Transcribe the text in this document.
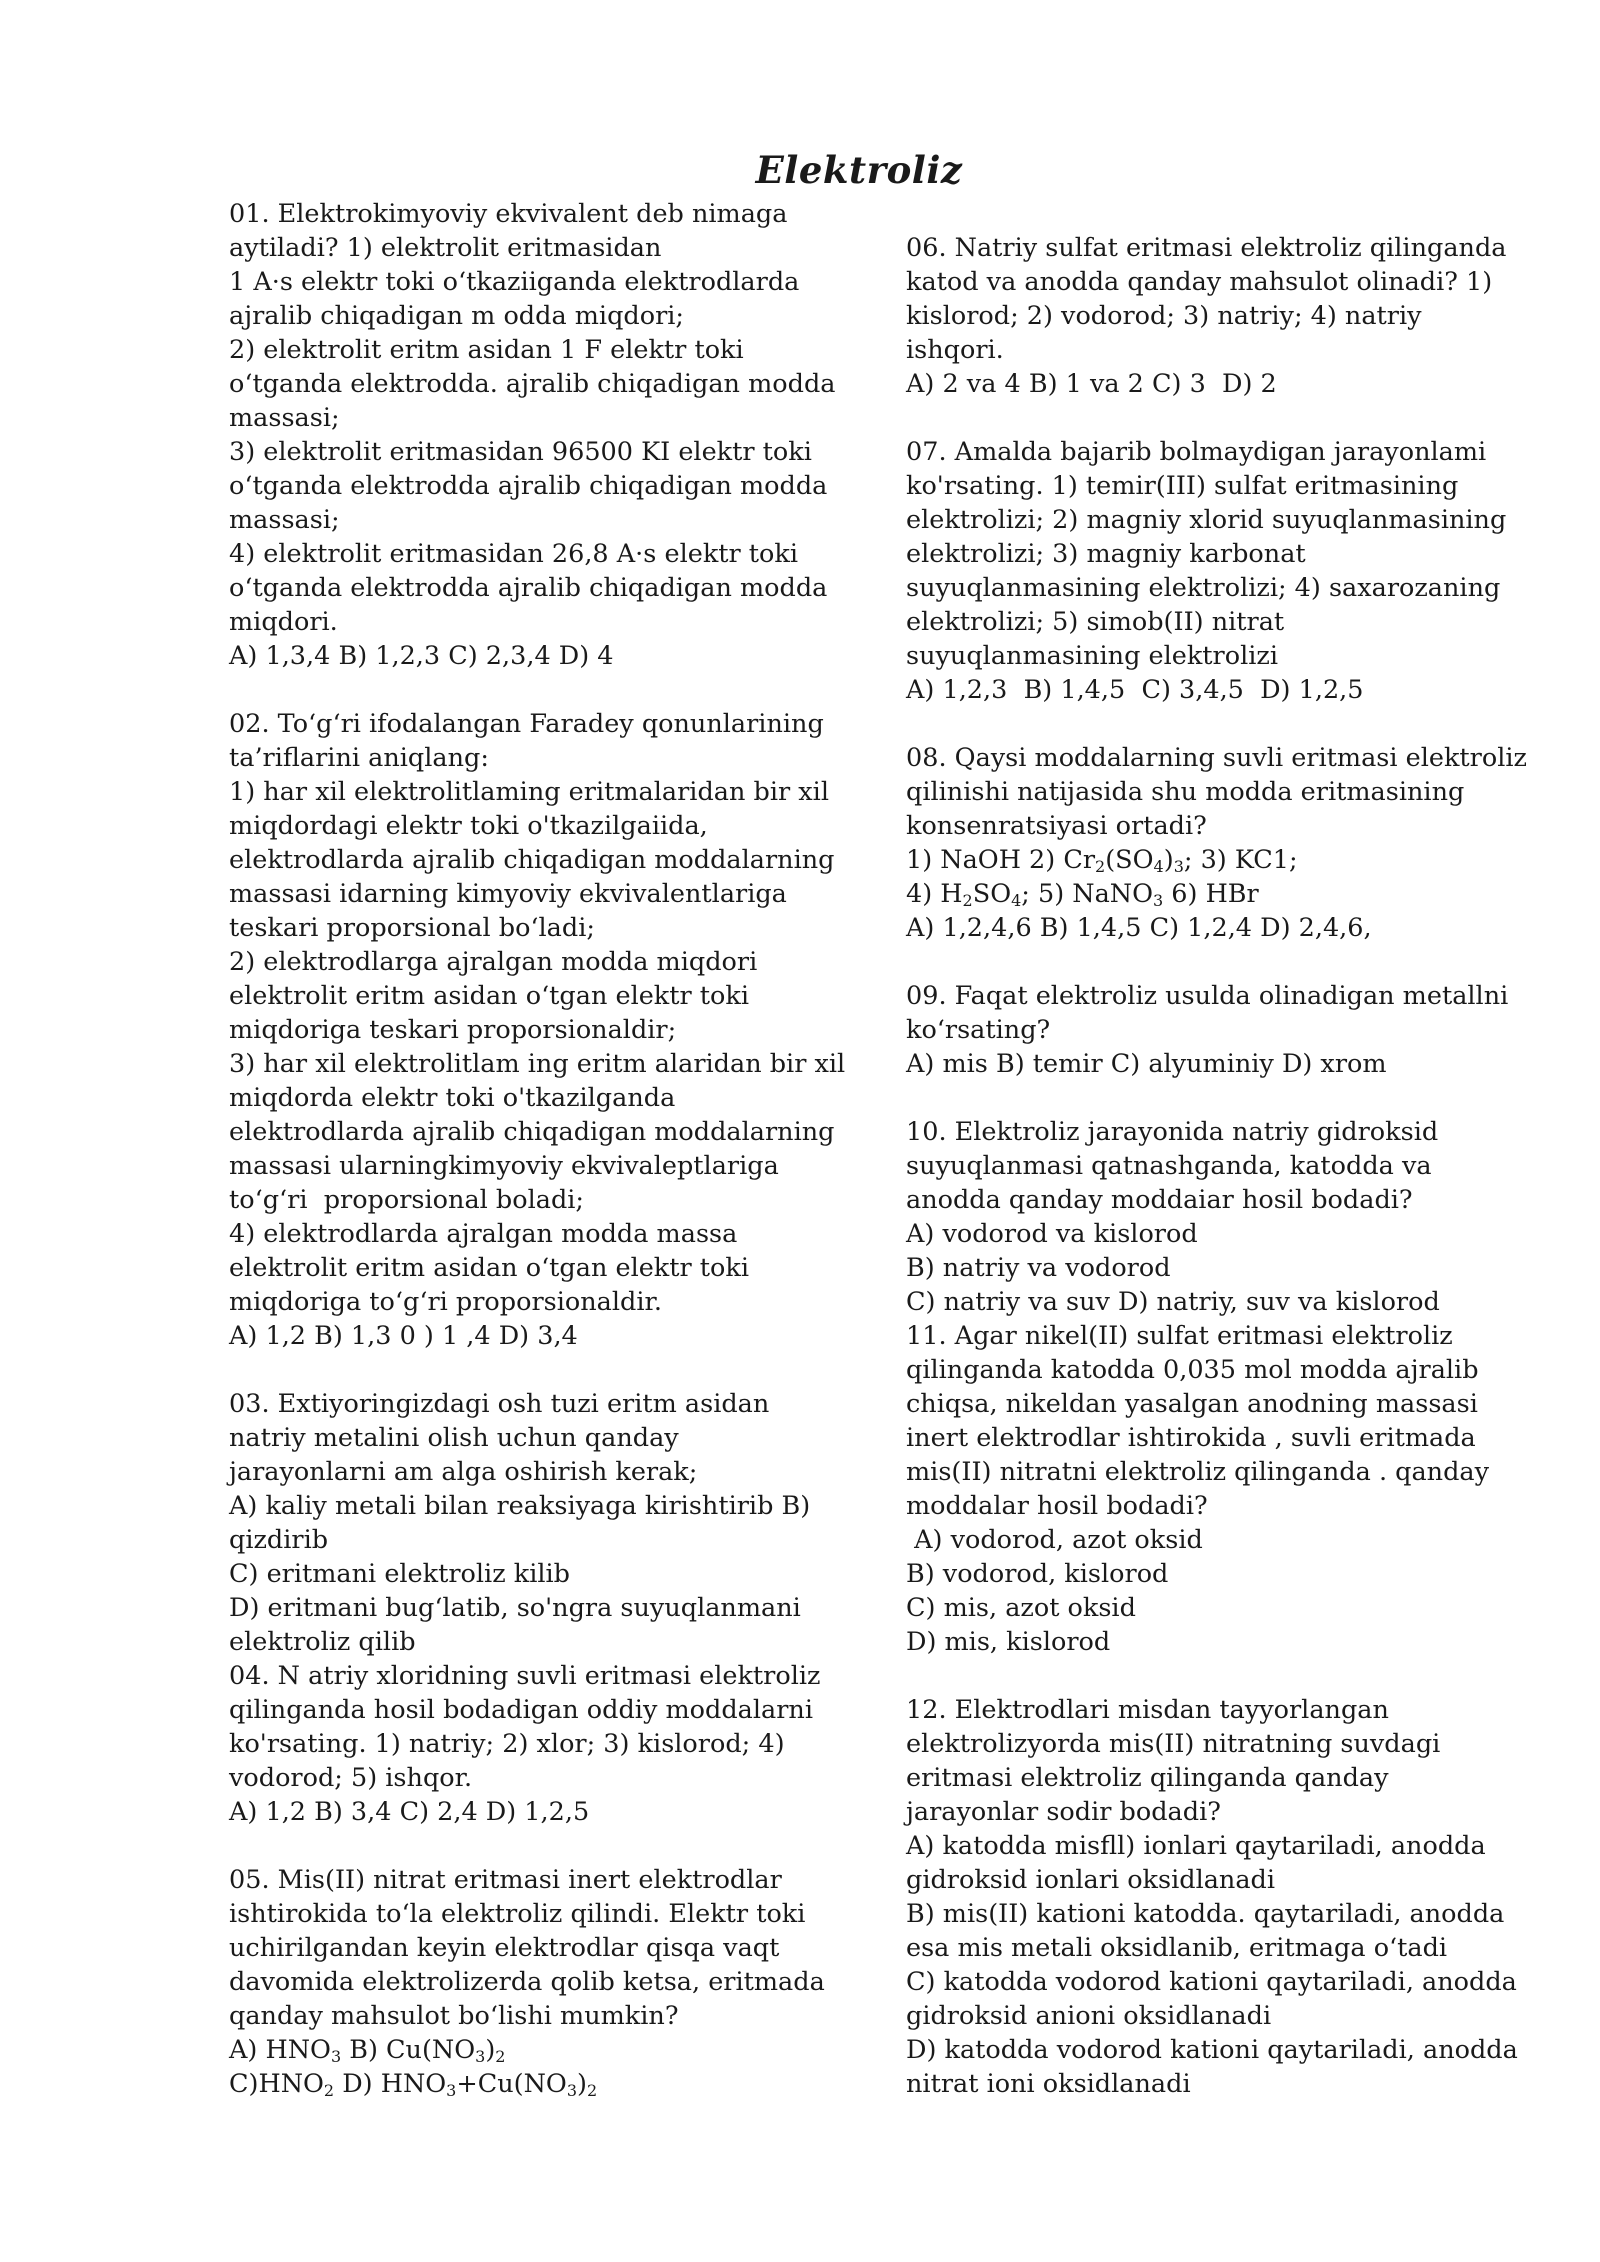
Elektroliz
01. Elektrokimyoviy ekvivalent deb nimaga
aytiladi? 1) elektrolit eritmasidan
1 A·s elektr toki o‘tkaziiganda elektrodlarda
ajralib chiqadigan m odda miqdori;
2) elektrolit eritm asidan 1 F elektr toki
o‘tganda elektrodda. ajralib chiqadigan modda
massasi;
3) elektrolit eritmasidan 96500 KI elektr toki
o‘tganda elektrodda ajralib chiqadigan modda
massasi;
4) elektrolit eritmasidan 26,8 A·s elektr toki
o‘tganda elektrodda ajralib chiqadigan modda
miqdori.
A) 1,3,4 B) 1,2,3 C) 2,3,4 D) 4
02. To‘g‘ri ifodalangan Faradey qonunlarining
ta’riflarini aniqlang:
1) har xil elektrolitlaming eritmalaridan bir xil
miqdordagi elektr toki o'tkazilgaiida,
elektrodlarda ajralib chiqadigan moddalarning
massasi idarning kimyoviy ekvivalentlariga
teskari proporsional bo‘ladi;
2) elektrodlarga ajralgan modda miqdori
elektrolit eritm asidan o‘tgan elektr toki
miqdoriga teskari proporsionaldir;
3) har xil elektrolitlam ing eritm alaridan bir xil
miqdorda elektr toki o'tkazilganda
elektrodlarda ajralib chiqadigan moddalarning
massasi ularningkimyoviy ekvivaleptlariga
to‘g‘ri  proporsional boladi;
4) elektrodlarda ajralgan modda massa
elektrolit eritm asidan o‘tgan elektr toki
miqdoriga to‘g‘ri proporsionaldir.
A) 1,2 B) 1,3 0 ) 1 ,4 D) 3,4
03. Extiyoringizdagi osh tuzi eritm asidan
natriy metalini olish uchun qanday
jarayonlarni am alga oshirish kerak;
A) kaliy metali bilan reaksiyaga kirishtirib B)
qizdirib
C) eritmani elektroliz kilib
D) eritmani bug‘latib, so'ngra suyuqlanmani
elektroliz qilib
04. N atriy xloridning suvli eritmasi elektroliz
qilinganda hosil bodadigan oddiy moddalarni
ko'rsating. 1) natriy; 2) xlor; 3) kislorod; 4)
vodorod; 5) ishqor.
A) 1,2 B) 3,4 C) 2,4 D) 1,2,5
05. Mis(II) nitrat eritmasi inert elektrodlar
ishtirokida to‘la elektroliz qilindi. Elektr toki
uchirilgandan keyin elektrodlar qisqa vaqt
davomida elektrolizerda qolib ketsa, eritmada
qanday mahsulot bo‘lishi mumkin?
A) $HNO_3$ B) $Cu(NO_3)_2$
$C)HNO_2$ D) $HNO_3+Cu(NO_3)_2$
06. Natriy sulfat eritmasi elektroliz qilinganda
katod va anodda qanday mahsulot olinadi? 1)
kislorod; 2) vodorod; 3) natriy; 4) natriy
ishqori.
A) 2 va 4 B) 1 va 2 C) 3  D) 2
07. Amalda bajarib bolmaydigan jarayonlami
ko'rsating. 1) temir(III) sulfat eritmasining
elektrolizi; 2) magniy xlorid suyuqlanmasining
elektrolizi; 3) magniy karbonat
suyuqlanmasining elektrolizi; 4) saxarozaning
elektrolizi; 5) simob(II) nitrat
suyuqlanmasining elektrolizi
A) 1,2,3  B) 1,4,5  C) 3,4,5  D) 1,2,5
08. Qaysi moddalarning suvli eritmasi elektroliz
qilinishi natijasida shu modda eritmasining
konsenratsiyasi ortadi?
1) NaOH 2) $Cr_2(SO_4)_3$; 3) KC1;
4) $H_2SO_4$; 5) NaNO$_3$ 6) HBr
A) 1,2,4,6 B) 1,4,5 C) 1,2,4 D) 2,4,6,
09. Faqat elektroliz usulda olinadigan metallni
ko‘rsating?
A) mis B) temir C) alyuminiy D) xrom
10. Elektroliz jarayonida natriy gidroksid
suyuqlanmasi qatnashganda, katodda va
anodda qanday moddaiar hosil bodadi?
A) vodorod va kislorod
B) natriy va vodorod
C) natriy va suv D) natriy, suv va kislorod
11. Agar nikel(II) sulfat eritmasi elektroliz
qilinganda katodda 0,035 mol modda ajralib
chiqsa, nikeldan yasalgan anodning massasi
inert elektrodlar ishtirokida , suvli eritmada
mis(II) nitratni elektroliz qilinganda . qanday
moddalar hosil bodadi?
A) vodorod, azot oksid
B) vodorod, kislorod
C) mis, azot oksid
D) mis, kislorod
12. Elektrodlari misdan tayyorlangan
elektrolizyorda mis(II) nitratning suvdagi
eritmasi elektroliz qilinganda qanday
jarayonlar sodir bodadi?
A) katodda misfll) ionlari qaytariladi, anodda
gidroksid ionlari oksidlanadi
B) mis(II) kationi katodda. qaytariladi, anodda
esa mis metali oksidlanib, eritmaga o‘tadi
C) katodda vodorod kationi qaytariladi, anodda
gidroksid anioni oksidlanadi
D) katodda vodorod kationi qaytariladi, anodda
nitrat ioni oksidlanadi
